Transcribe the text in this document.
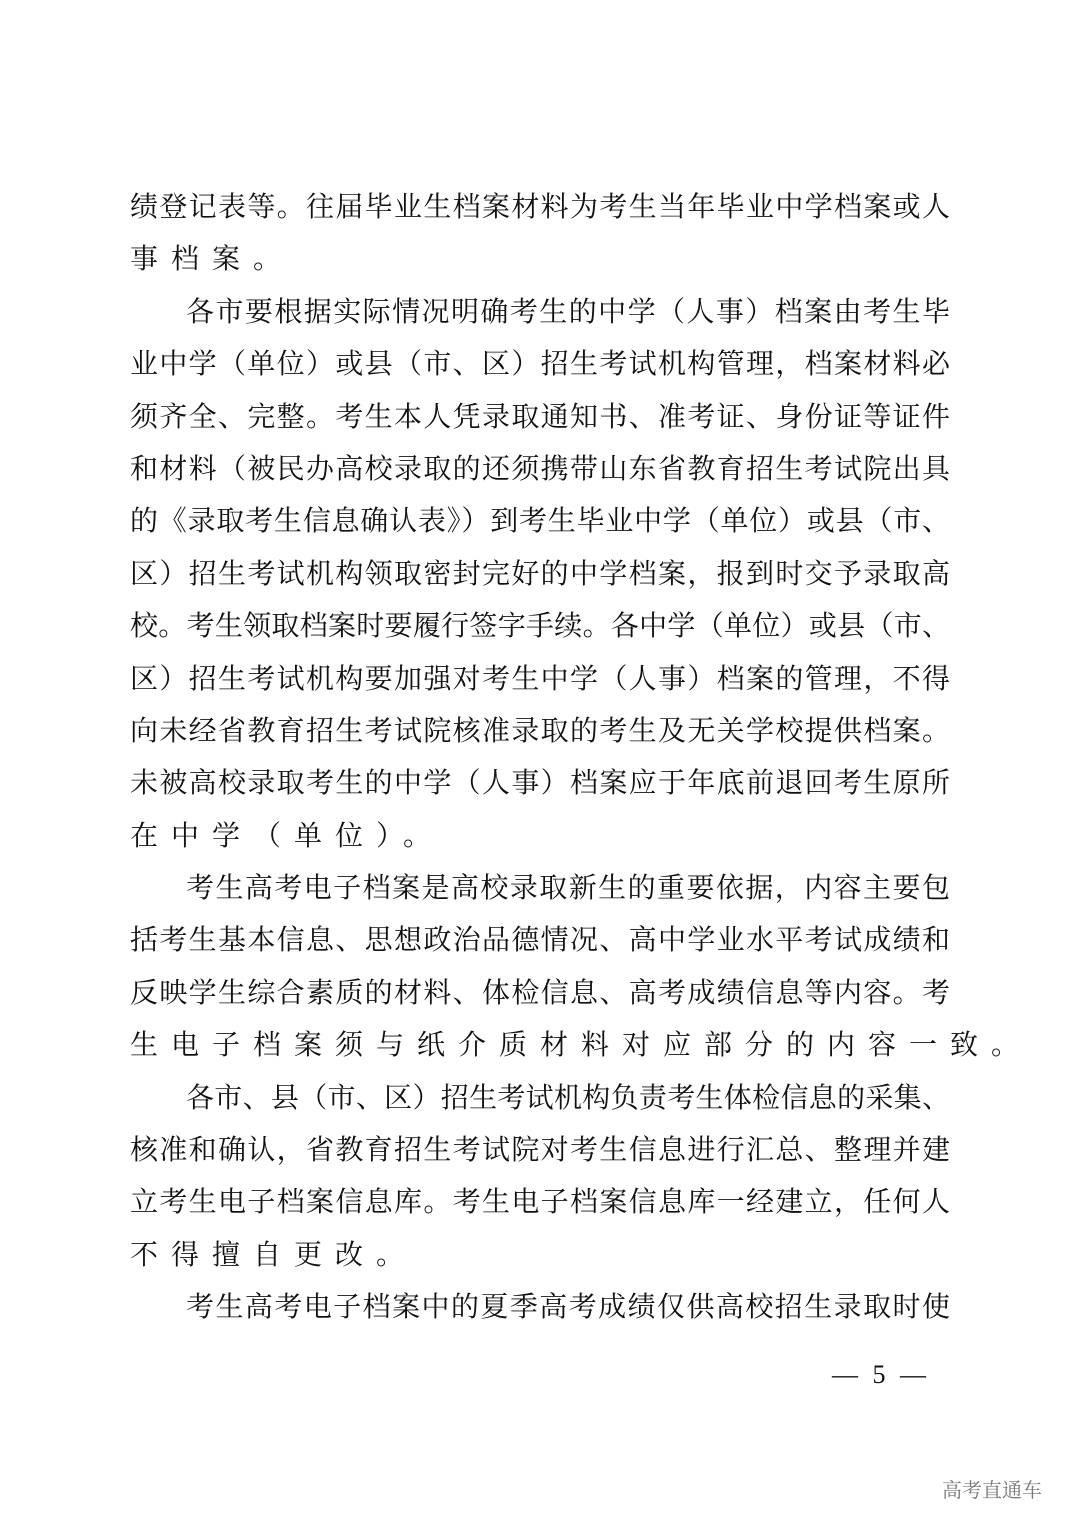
绩登记表等。往届毕业生档案材料为考生当年毕业中学档案或人
事档案。
各市要根据实际情况明确考生的中学（人事）档案由考生毕
业中学（单位）或县（市、区）招生考试机构管理，档案材料必
须齐全、完整。考生本人凭录取通知书、准考证、身份证等证件
和材料（被民办高校录取的还须携带山东省教育招生考试院出具
的《录取考生信息确认表》）到考生毕业中学（单位）或县（市、
区）招生考试机构领取密封完好的中学档案，报到时交予录取高
校。考生领取档案时要履行签字手续。各中学（单位）或县（市、
区）招生考试机构要加强对考生中学（人事）档案的管理，不得
向未经省教育招生考试院核准录取的考生及无关学校提供档案。
未被高校录取考生的中学（人事）档案应于年底前退回考生原所
在中学（单位）。
考生高考电子档案是高校录取新生的重要依据，内容主要包
括考生基本信息、思想政治品德情况、高中学业水平考试成绩和
反映学生综合素质的材料、体检信息、高考成绩信息等内容。考
生电子档案须与纸介质材料对应部分的内容一致。
各市、县（市、区）招生考试机构负责考生体检信息的采集、
核准和确认，省教育招生考试院对考生信息进行汇总、整理并建
立考生电子档案信息库。考生电子档案信息库一经建立，任何人
不得擅自更改。
考生高考电子档案中的夏季高考成绩仅供高校招生录取时使
— 5 —
高考直通车
